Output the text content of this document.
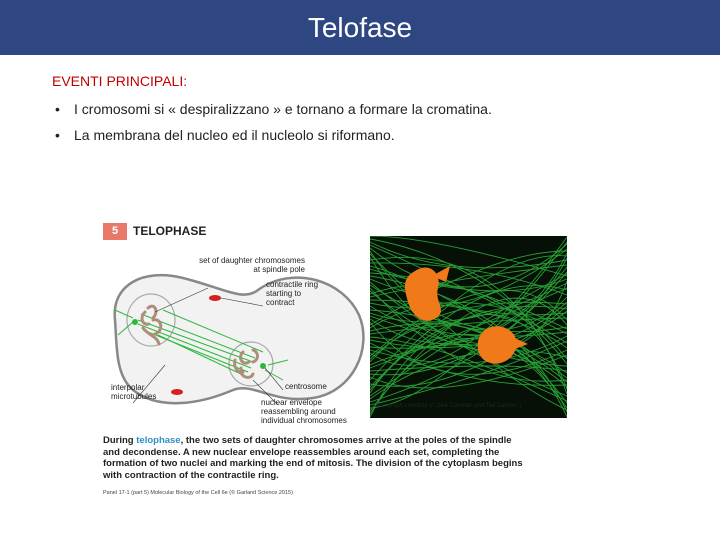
Telofase
EVENTI PRINCIPALI:
• I cromosomi si « despiralizzano » e tornano a formare la cromatina.
• La membrana del nucleo ed il nucleolo si riformano.
5	TELOPHASE
set of daughter chromosomes
at spindle pole
contractile ring
starting to
contract
interpolar
microtubules
centrosome
nuclear envelope
reassembling around
individual chromosomes
(Micrograph courtesy of Julie Canman and Ted Salmon.)
During telophase, the two sets of daughter chromosomes arrive at the poles of the spindle and decondense. A new nuclear envelope reassembles around each set, completing the formation of two nuclei and marking the end of mitosis. The division of the cytoplasm begins with contraction of the contractile ring.
Panel 17-1 (part 5) Molecular Biology of the Cell 6e (© Garland Science 2015)
